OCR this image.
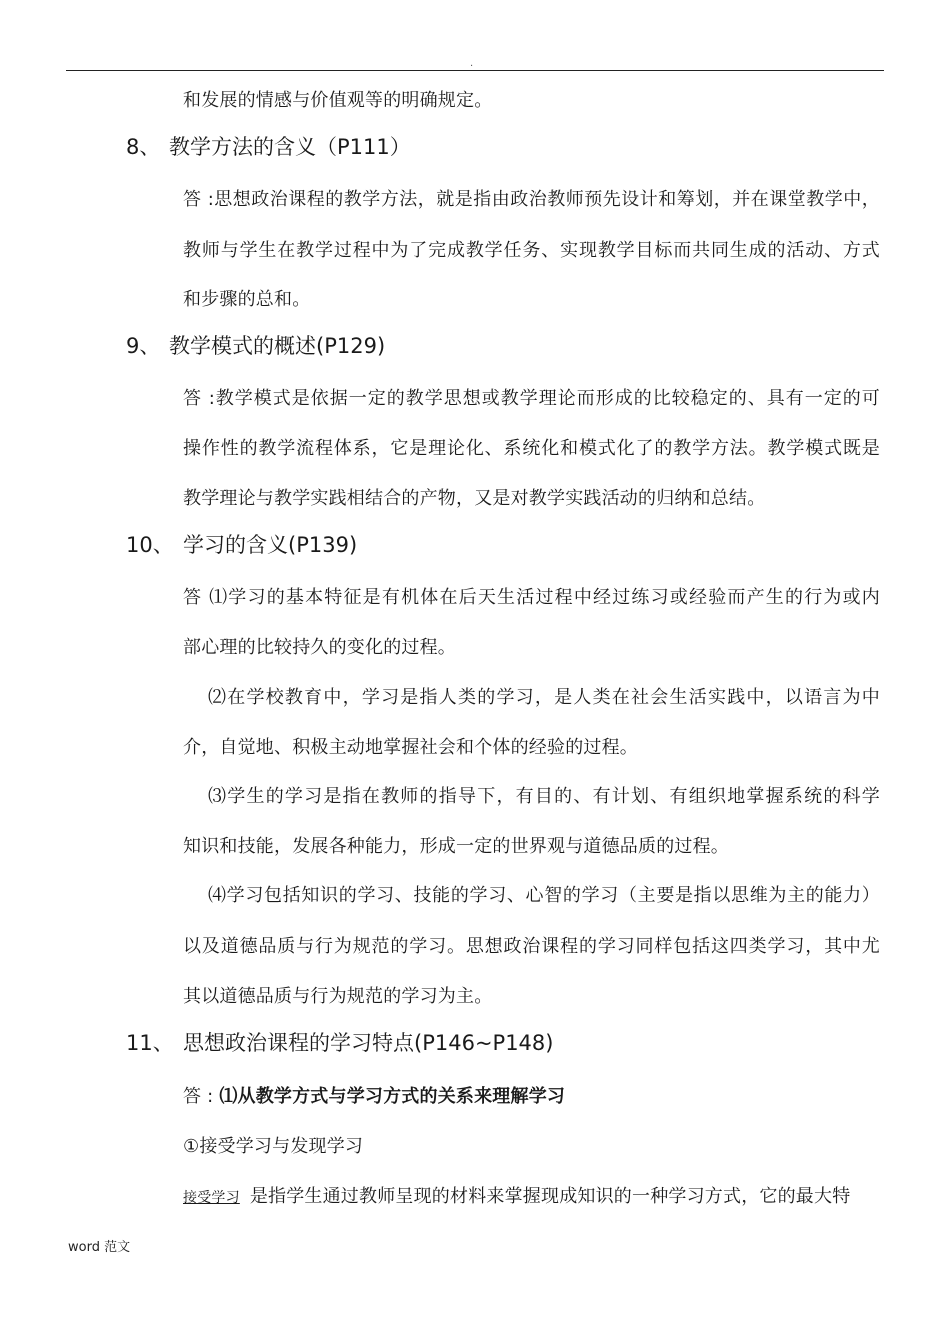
.
和发展的情感与价值观等的明确规定。
8、 教学方法的含义（P111）
答 :思想政治课程的教学方法，就是指由政治教师预先设计和筹划，并在课堂教学中，
教师与学生在教学过程中为了完成教学任务、实现教学目标而共同生成的活动、方式
和步骤的总和。
9、 教学模式的概述(P129)
答 :教学模式是依据一定的教学思想或教学理论而形成的比较稳定的、具有一定的可
操作性的教学流程体系，它是理论化、系统化和模式化了的教学方法。教学模式既是
教学理论与教学实践相结合的产物，又是对教学实践活动的归纳和总结。
10、 学习的含义(P139)
答 ⑴学习的基本特征是有机体在后天生活过程中经过练习或经验而产生的行为或内
部心理的比较持久的变化的过程。
⑵在学校教育中，学习是指人类的学习，是人类在社会生活实践中，以语言为中
介，自觉地、积极主动地掌握社会和个体的经验的过程。
⑶学生的学习是指在教师的指导下，有目的、有计划、有组织地掌握系统的科学
知识和技能，发展各种能力，形成一定的世界观与道德品质的过程。
⑷学习包括知识的学习、技能的学习、心智的学习（主要是指以思维为主的能力）
以及道德品质与行为规范的学习。思想政治课程的学习同样包括这四类学习，其中尤
其以道德品质与行为规范的学习为主。
11、 思想政治课程的学习特点(P146~P148)
答 : ⑴从教学方式与学习方式的关系来理解学习
①接受学习与发现学习
接受学习 是指学生通过教师呈现的材料来掌握现成知识的一种学习方式，它的最大特
word 范文
